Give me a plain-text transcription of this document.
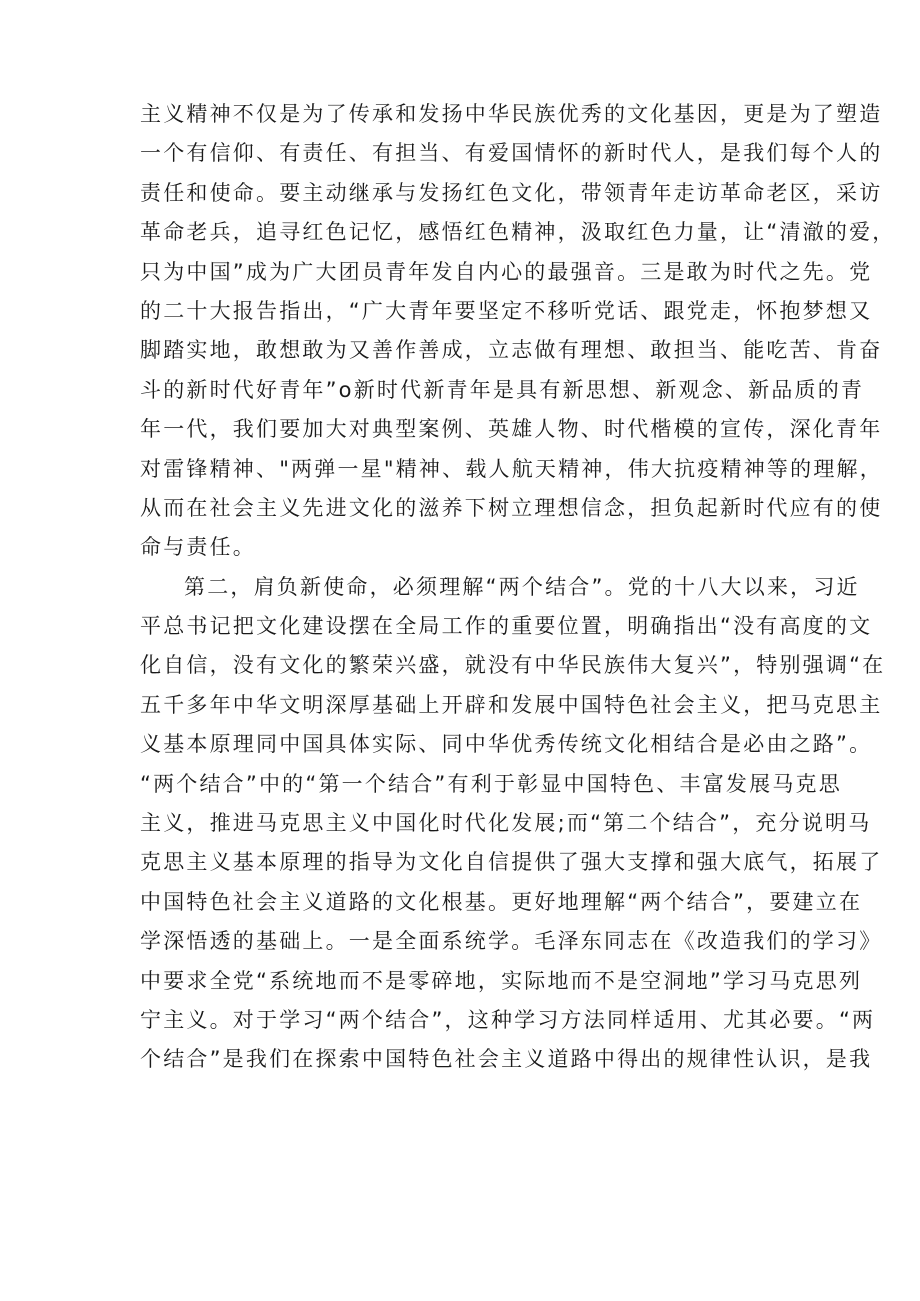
主义精神不仅是为了传承和发扬中华民族优秀的文化基因，更是为了塑造
一个有信仰、有责任、有担当、有爱国情怀的新时代人，是我们每个人的
责任和使命。要主动继承与发扬红色文化，带领青年走访革命老区，采访
革命老兵，追寻红色记忆，感悟红色精神，汲取红色力量，让“清澈的爱，
只为中国”成为广大团员青年发自内心的最强音。三是敢为时代之先。党
的二十大报告指出，“广大青年要坚定不移听党话、跟党走，怀抱梦想又
脚踏实地，敢想敢为又善作善成，立志做有理想、敢担当、能吃苦、肯奋
斗的新时代好青年”o新时代新青年是具有新思想、新观念、新品质的青
年一代，我们要加大对典型案例、英雄人物、时代楷模的宣传，深化青年
对雷锋精神、"两弹一星"精神、载人航天精神，伟大抗疫精神等的理解，
从而在社会主义先进文化的滋养下树立理想信念，担负起新时代应有的使
命与责任。
第二，肩负新使命，必须理解“两个结合”。党的十八大以来，习近
平总书记把文化建设摆在全局工作的重要位置，明确指出“没有高度的文
化自信，没有文化的繁荣兴盛，就没有中华民族伟大复兴”，特别强调“在
五千多年中华文明深厚基础上开辟和发展中国特色社会主义，把马克思主
义基本原理同中国具体实际、同中华优秀传统文化相结合是必由之路”。
“两个结合”中的“第一个结合”有利于彰显中国特色、丰富发展马克思
主义，推进马克思主义中国化时代化发展;而“第二个结合”，充分说明马
克思主义基本原理的指导为文化自信提供了强大支撑和强大底气，拓展了
中国特色社会主义道路的文化根基。更好地理解“两个结合”，要建立在
学深悟透的基础上。一是全面系统学。毛泽东同志在《改造我们的学习》
中要求全党“系统地而不是零碎地，实际地而不是空洞地”学习马克思列
宁主义。对于学习“两个结合”，这种学习方法同样适用、尤其必要。“两
个结合”是我们在探索中国特色社会主义道路中得出的规律性认识，是我
